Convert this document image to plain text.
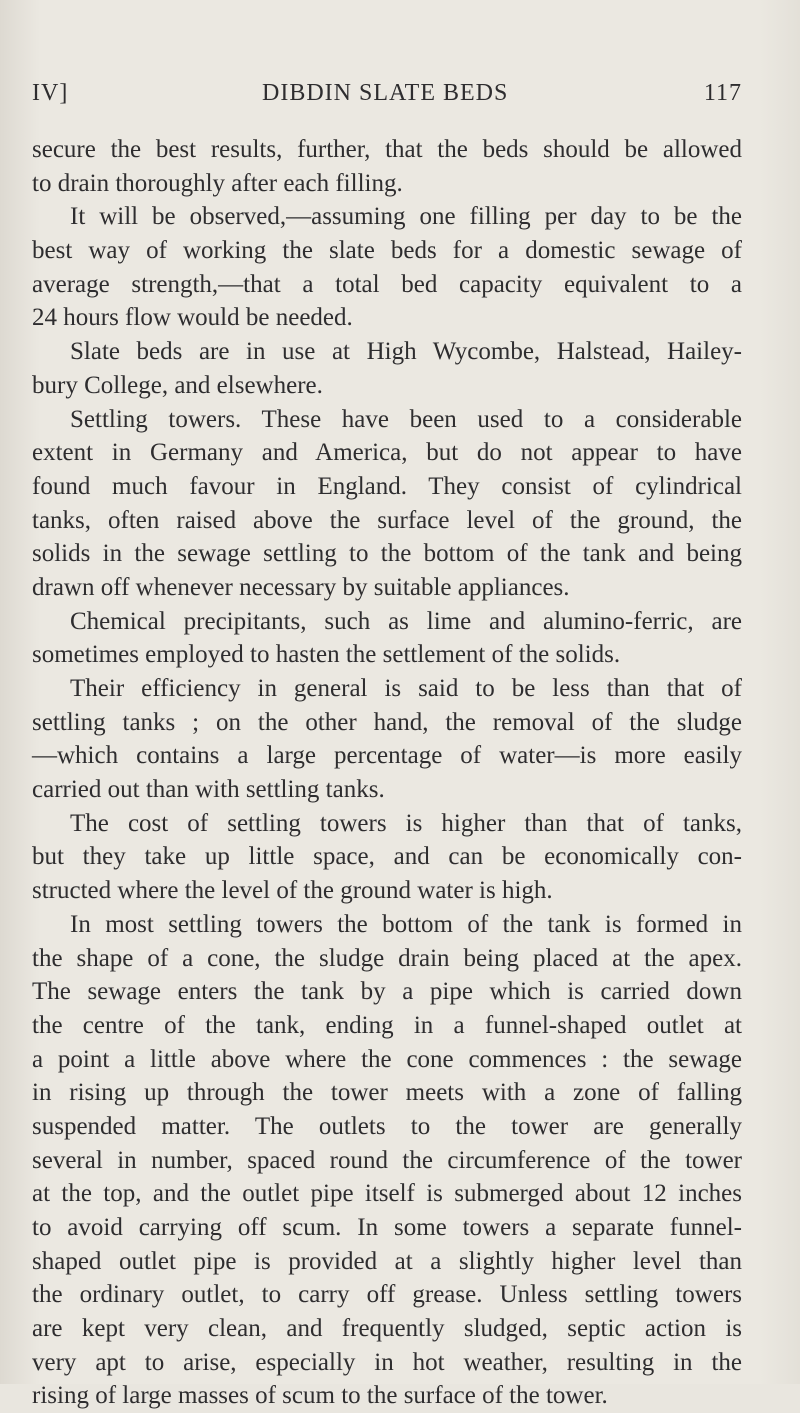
IV]	DIBDIN SLATE BEDS	117
secure the best results, further, that the beds should be allowed
to drain thoroughly after each filling.
It will be observed,—assuming one filling per day to be the
best way of working the slate beds for a domestic sewage of
average strength,—that a total bed capacity equivalent to a
24 hours flow would be needed.
Slate beds are in use at High Wycombe, Halstead, Hailey-
bury College, and elsewhere.
Settling towers. These have been used to a considerable
extent in Germany and America, but do not appear to have
found much favour in England. They consist of cylindrical
tanks, often raised above the surface level of the ground, the
solids in the sewage settling to the bottom of the tank and being
drawn off whenever necessary by suitable appliances.
Chemical precipitants, such as lime and alumino-ferric, are
sometimes employed to hasten the settlement of the solids.
Their efficiency in general is said to be less than that of
settling tanks ; on the other hand, the removal of the sludge
—which contains a large percentage of water—is more easily
carried out than with settling tanks.
The cost of settling towers is higher than that of tanks,
but they take up little space, and can be economically con-
structed where the level of the ground water is high.
In most settling towers the bottom of the tank is formed in
the shape of a cone, the sludge drain being placed at the apex.
The sewage enters the tank by a pipe which is carried down
the centre of the tank, ending in a funnel-shaped outlet at
a point a little above where the cone commences : the sewage
in rising up through the tower meets with a zone of falling
suspended matter. The outlets to the tower are generally
several in number, spaced round the circumference of the tower
at the top, and the outlet pipe itself is submerged about 12 inches
to avoid carrying off scum. In some towers a separate funnel-
shaped outlet pipe is provided at a slightly higher level than
the ordinary outlet, to carry off grease. Unless settling towers
are kept very clean, and frequently sludged, septic action is
very apt to arise, especially in hot weather, resulting in the
rising of large masses of scum to the surface of the tower.
